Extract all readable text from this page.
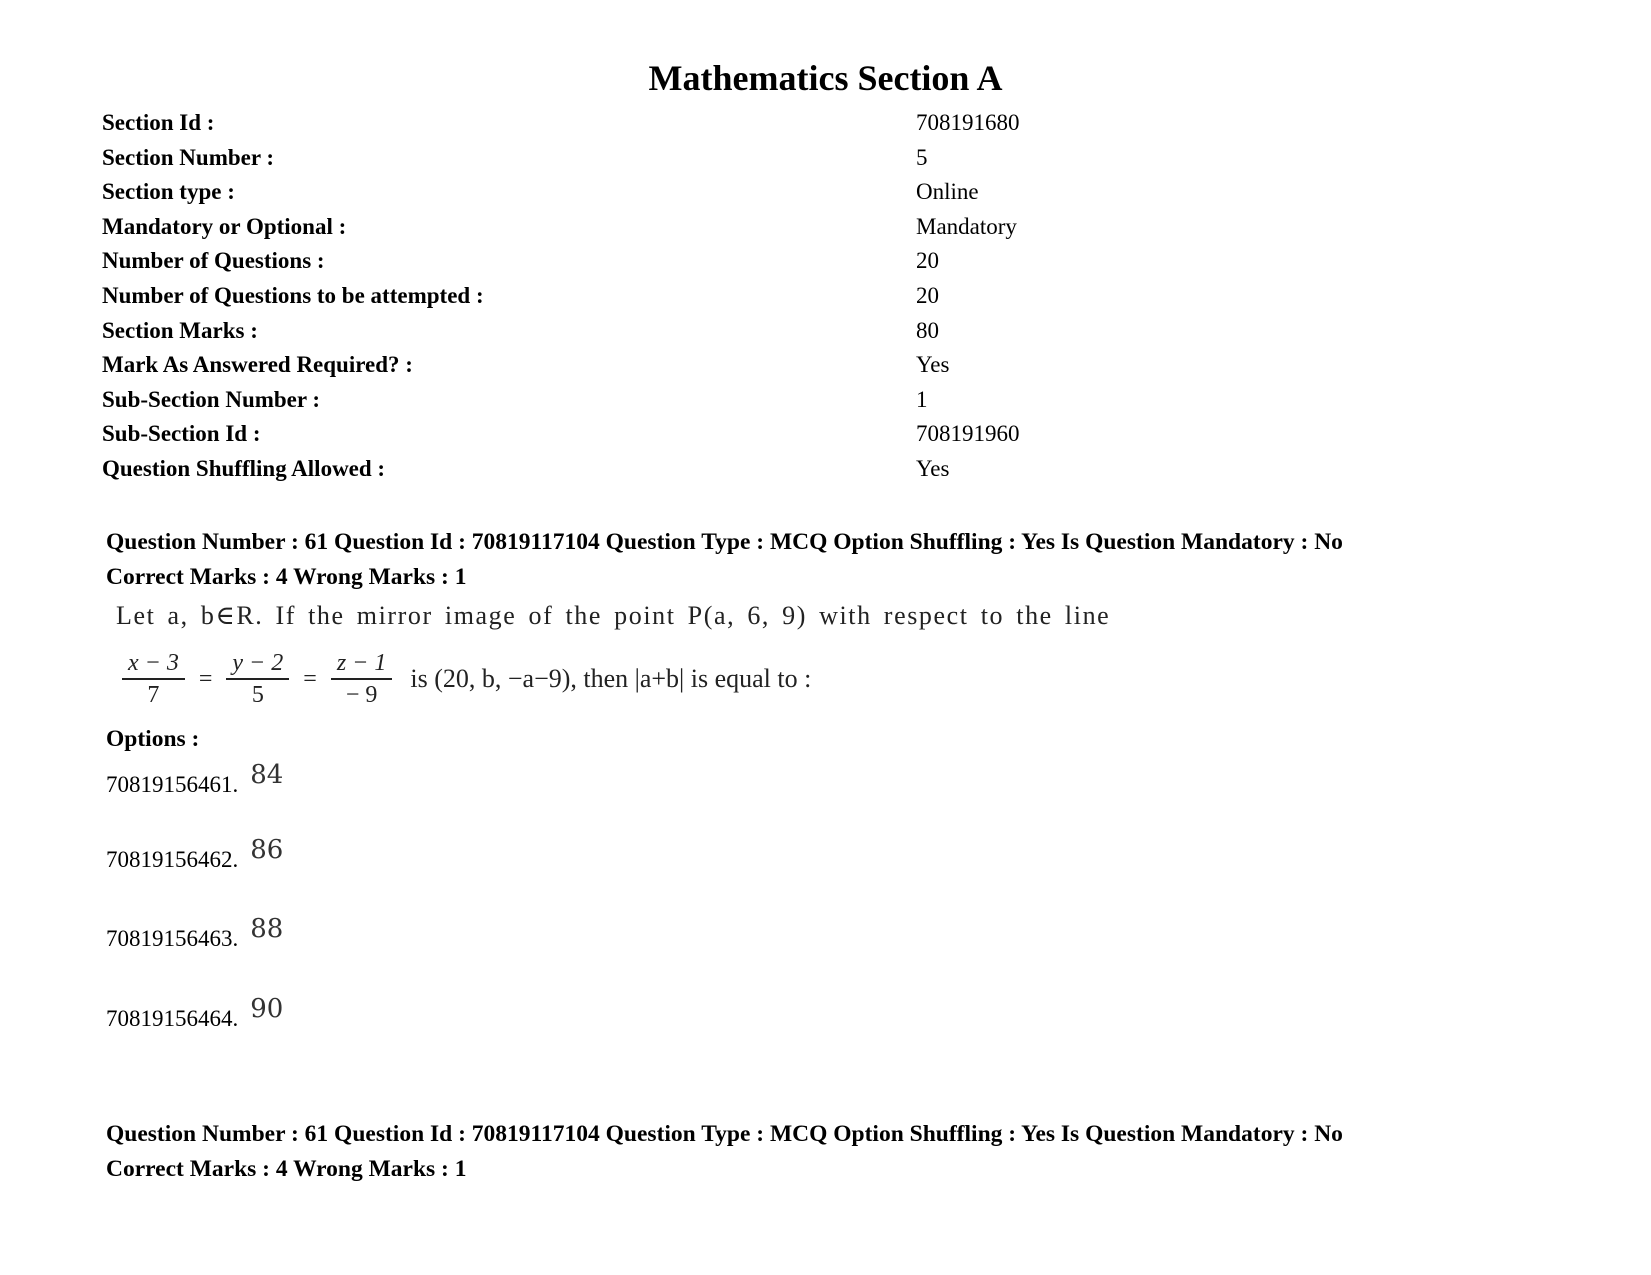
Mathematics Section A
Section Id :	708191680
Section Number :	5
Section type :	Online
Mandatory or Optional :	Mandatory
Number of Questions :	20
Number of Questions to be attempted :	20
Section Marks :	80
Mark As Answered Required? :	Yes
Sub-Section Number :	1
Sub-Section Id :	708191960
Question Shuffling Allowed :	Yes
Question Number : 61 Question Id : 70819117104 Question Type : MCQ Option Shuffling : Yes Is Question Mandatory : No
Correct Marks : 4 Wrong Marks : 1
Let a, b∈R. If the mirror image of the point P(a, 6, 9) with respect to the line
$\frac{x - 3}{7} = \frac{y - 2}{5} = \frac{z - 1}{- 9}$ is (20, b, −a−9), then |a+b| is equal to :
Options :
70819156461. 84
70819156462. 86
70819156463. 88
70819156464. 90
Question Number : 61 Question Id : 70819117104 Question Type : MCQ Option Shuffling : Yes Is Question Mandatory : No
Correct Marks : 4 Wrong Marks : 1
